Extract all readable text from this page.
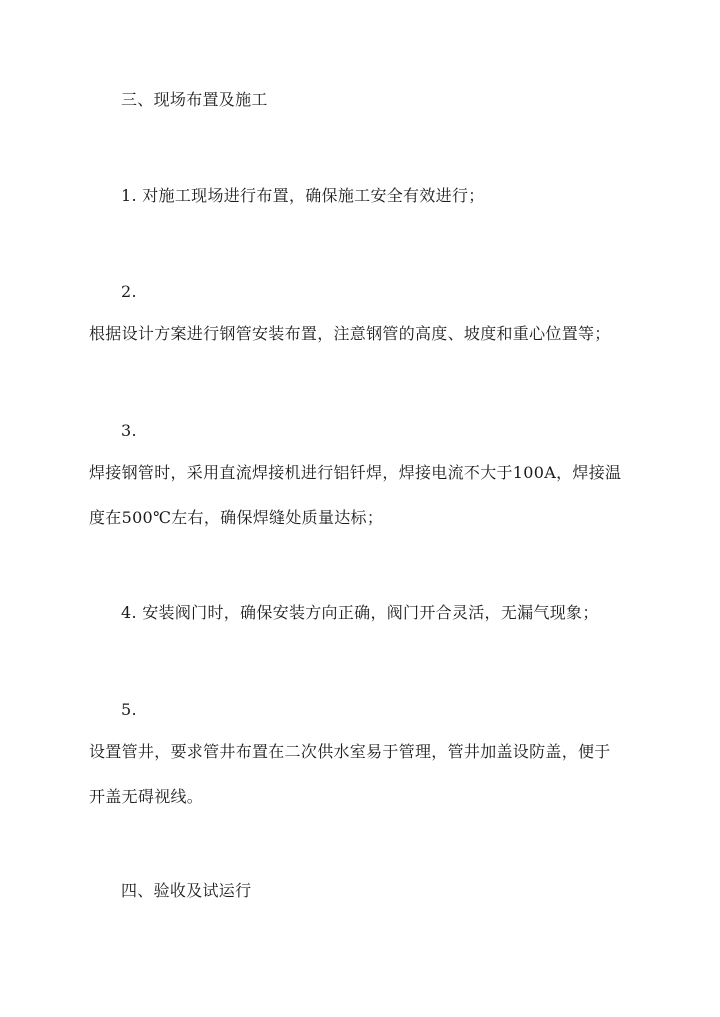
三、现场布置及施工
1. 对施工现场进行布置，确保施工安全有效进行；
2.
根据设计方案进行钢管安装布置，注意钢管的高度、坡度和重心位置等；
3.
焊接钢管时，采用直流焊接机进行铝钎焊，焊接电流不大于100A，焊接温
度在500℃左右，确保焊缝处质量达标；
4. 安装阀门时，确保安装方向正确，阀门开合灵活，无漏气现象；
5.
设置管井，要求管井布置在二次供水室易于管理，管井加盖设防盖，便于
开盖无碍视线。
四、验收及试运行
